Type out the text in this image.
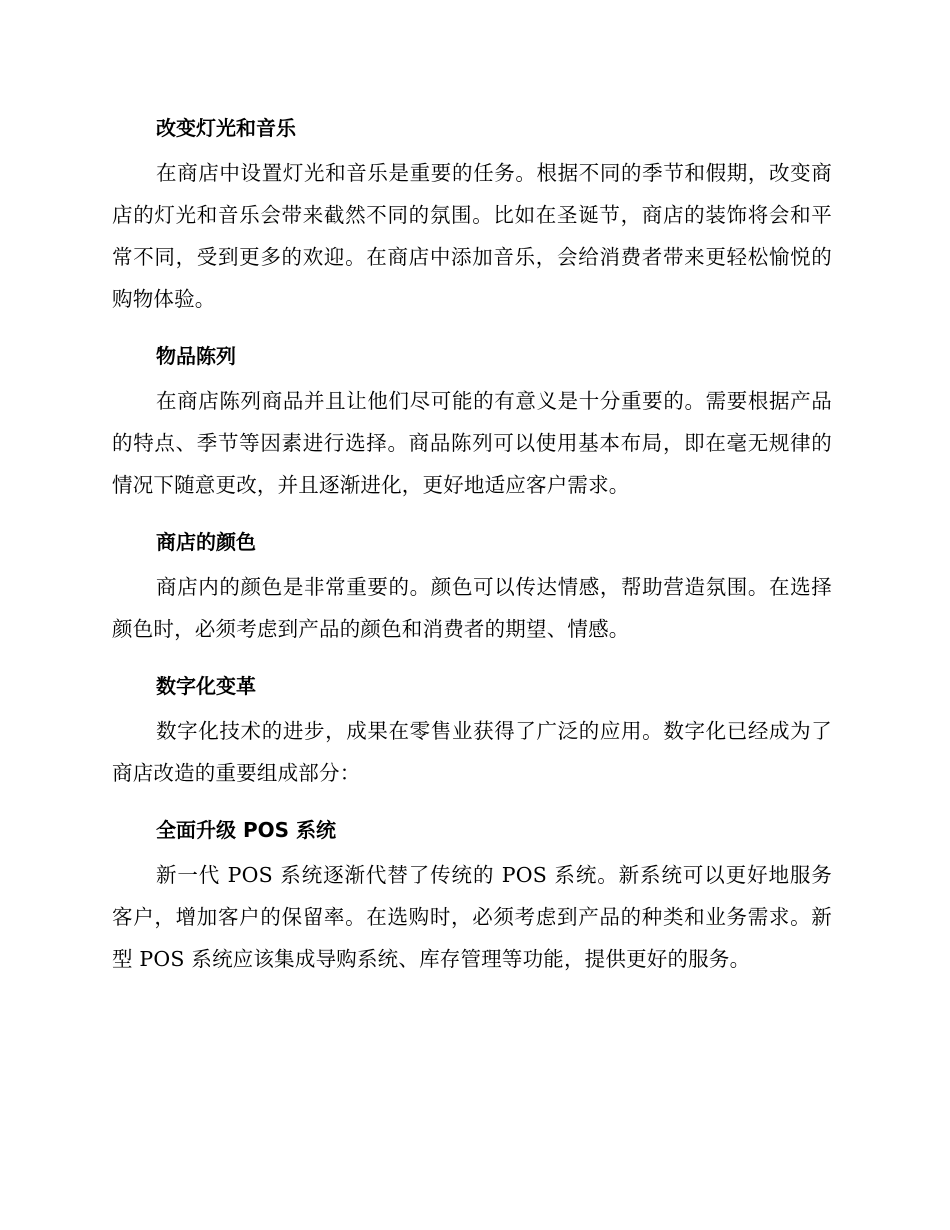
改变灯光和音乐

在商店中设置灯光和音乐是重要的任务。根据不同的季节和假期，改变商店的灯光和音乐会带来截然不同的氛围。比如在圣诞节，商店的装饰将会和平常不同，受到更多的欢迎。在商店中添加音乐，会给消费者带来更轻松愉悦的购物体验。

物品陈列

在商店陈列商品并且让他们尽可能的有意义是十分重要的。需要根据产品的特点、季节等因素进行选择。商品陈列可以使用基本布局，即在毫无规律的情况下随意更改，并且逐渐进化，更好地适应客户需求。

商店的颜色

商店内的颜色是非常重要的。颜色可以传达情感，帮助营造氛围。在选择颜色时，必须考虑到产品的颜色和消费者的期望、情感。

数字化变革

数字化技术的进步，成果在零售业获得了广泛的应用。数字化已经成为了商店改造的重要组成部分：

全面升级 POS 系统

新一代 POS 系统逐渐代替了传统的 POS 系统。新系统可以更好地服务客户，增加客户的保留率。在选购时，必须考虑到产品的种类和业务需求。新型 POS 系统应该集成导购系统、库存管理等功能，提供更好的服务。
